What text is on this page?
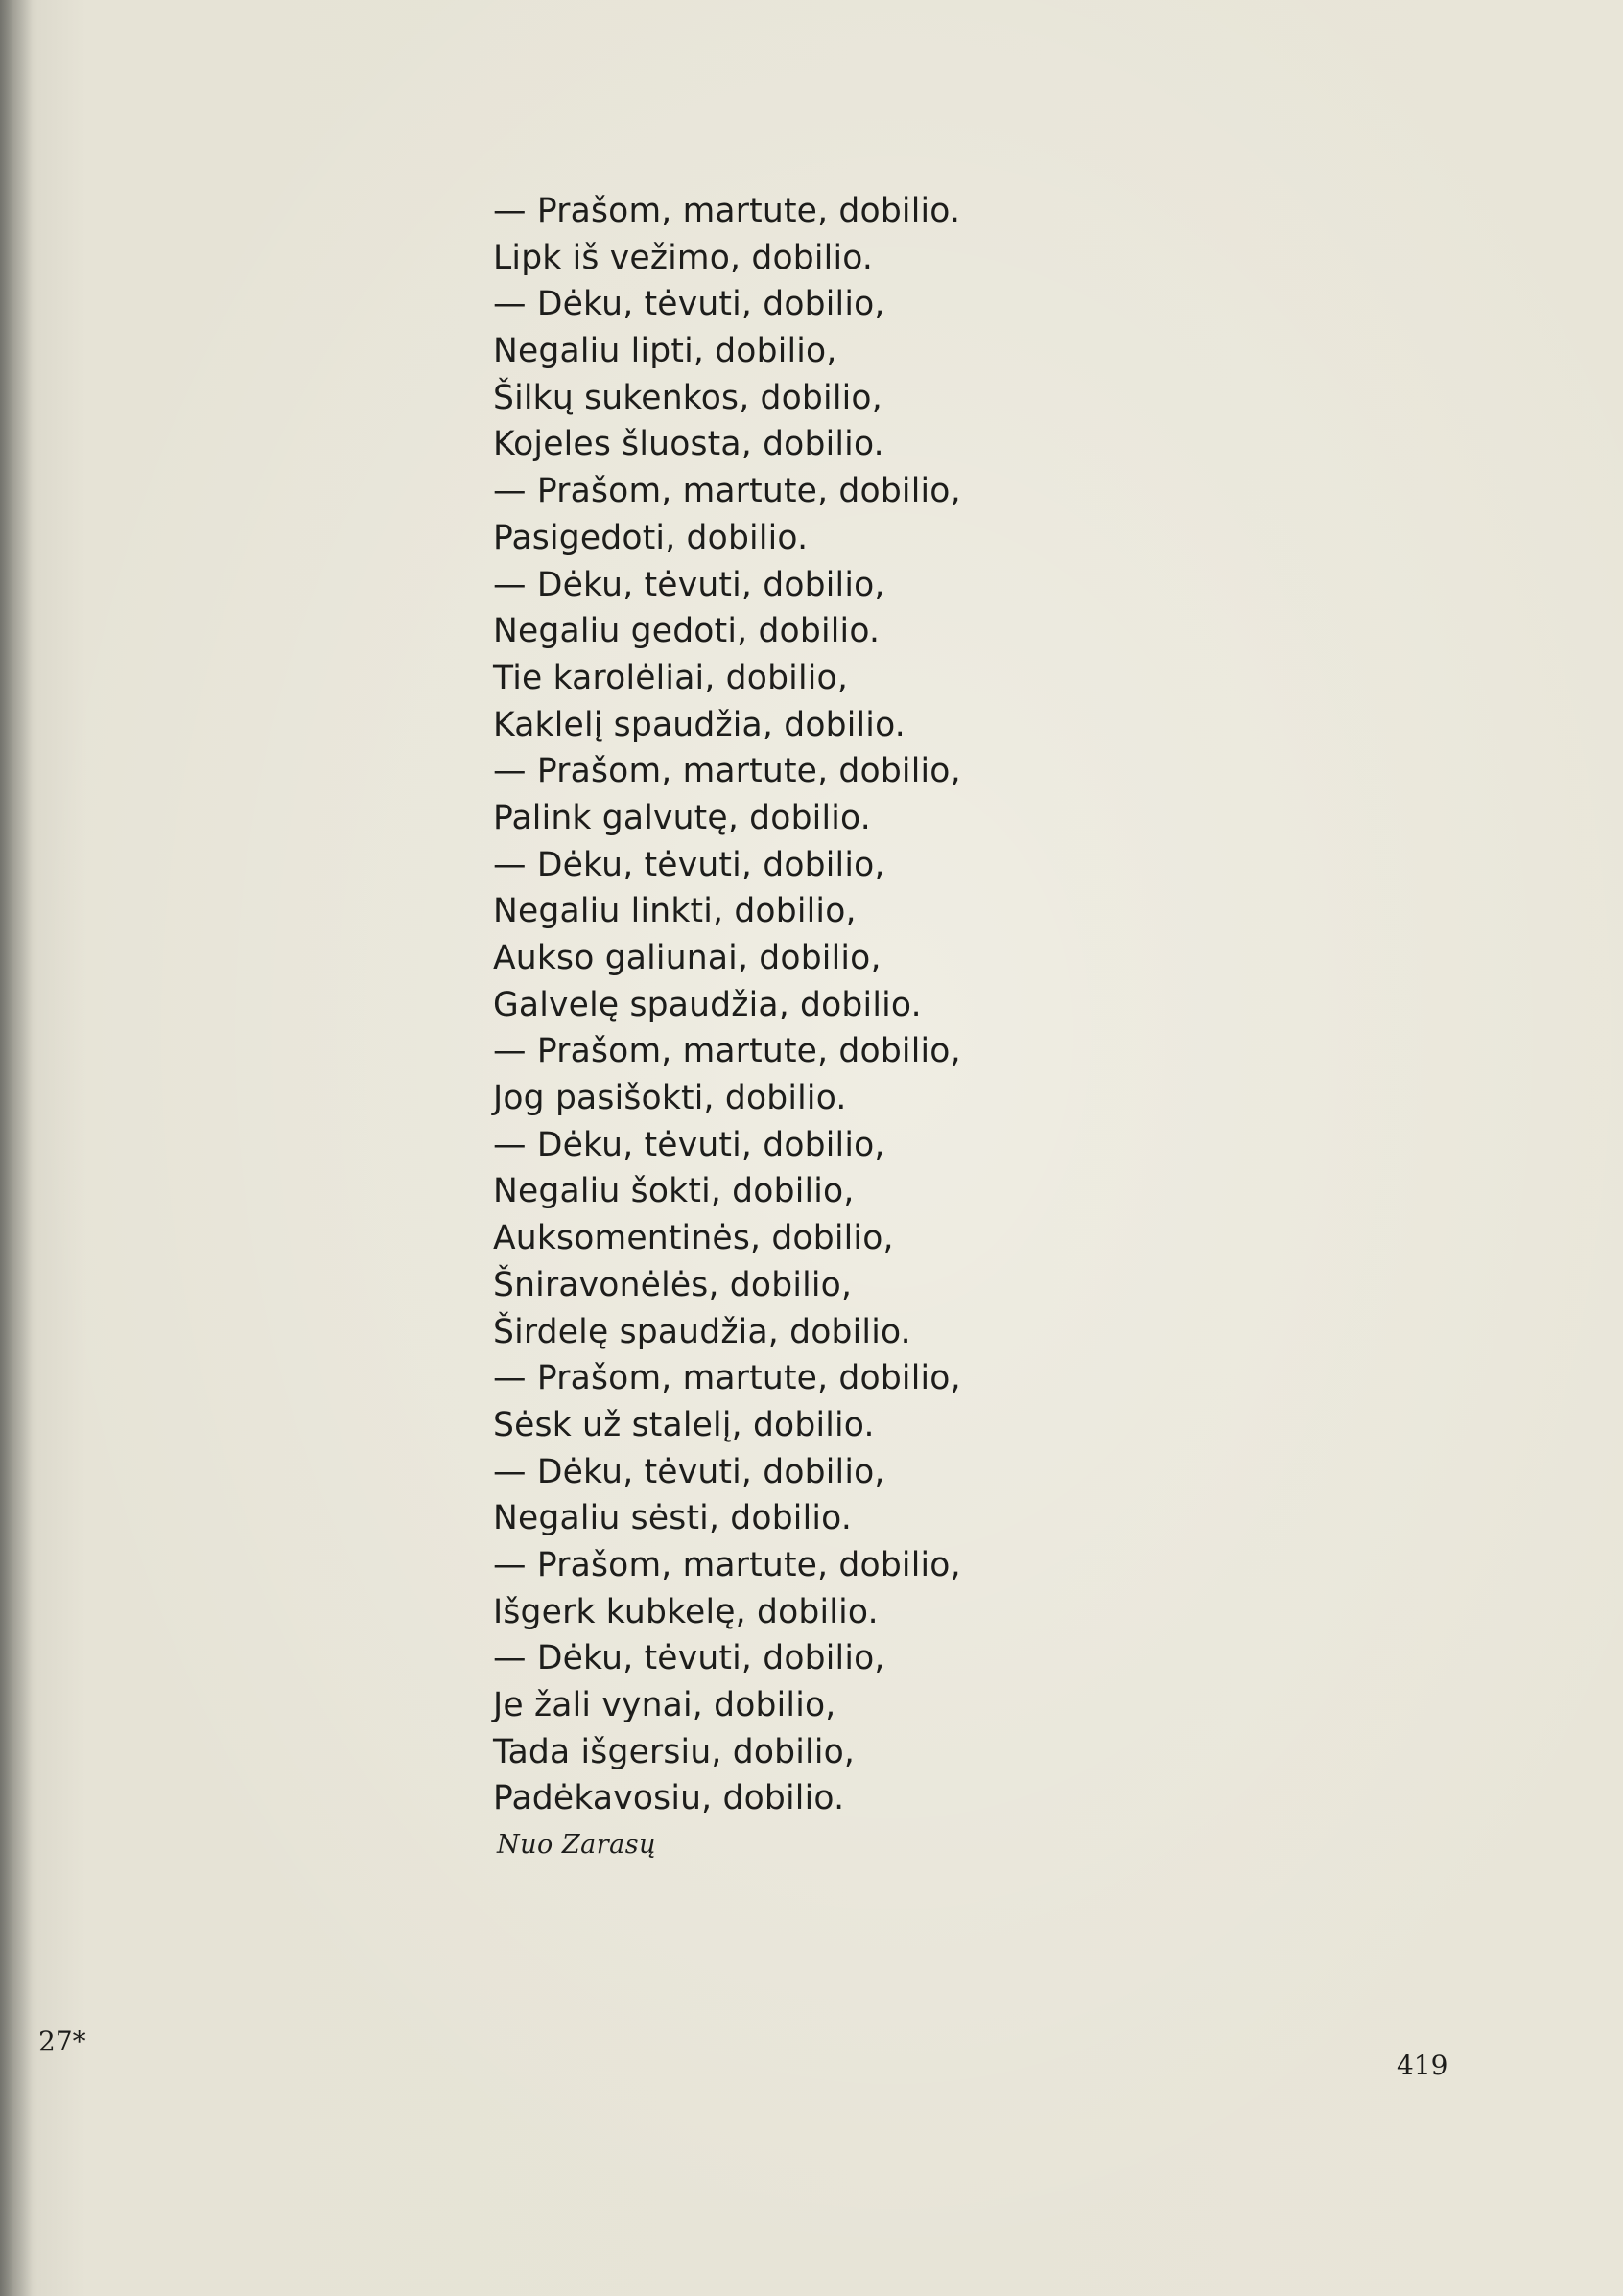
— Prašom, martute, dobilio.
Lipk iš vežimo, dobilio.
— Dėku, tėvuti, dobilio,
Negaliu lipti, dobilio,
Šilkų sukenkos, dobilio,
Kojeles šluosta, dobilio.
— Prašom, martute, dobilio,
Pasigedoti, dobilio.
— Dėku, tėvuti, dobilio,
Negaliu gedoti, dobilio.
Tie karolėliai, dobilio,
Kaklelį spaudžia, dobilio.
— Prašom, martute, dobilio,
Palink galvutę, dobilio.
— Dėku, tėvuti, dobilio,
Negaliu linkti, dobilio,
Aukso galiunai, dobilio,
Galvelę spaudžia, dobilio.
— Prašom, martute, dobilio,
Jog pasišokti, dobilio.
— Dėku, tėvuti, dobilio,
Negaliu šokti, dobilio,
Auksomentinės, dobilio,
Šniravonėlės, dobilio,
Širdelę spaudžia, dobilio.
— Prašom, martute, dobilio,
Sėsk už stalelį, dobilio.
— Dėku, tėvuti, dobilio,
Negaliu sėsti, dobilio.
— Prašom, martute, dobilio,
Išgerk kubkelę, dobilio.
— Dėku, tėvuti, dobilio,
Je žali vynai, dobilio,
Tada išgersiu, dobilio,
Padėkavosiu, dobilio.
Nuo Zarasų
27*
419
